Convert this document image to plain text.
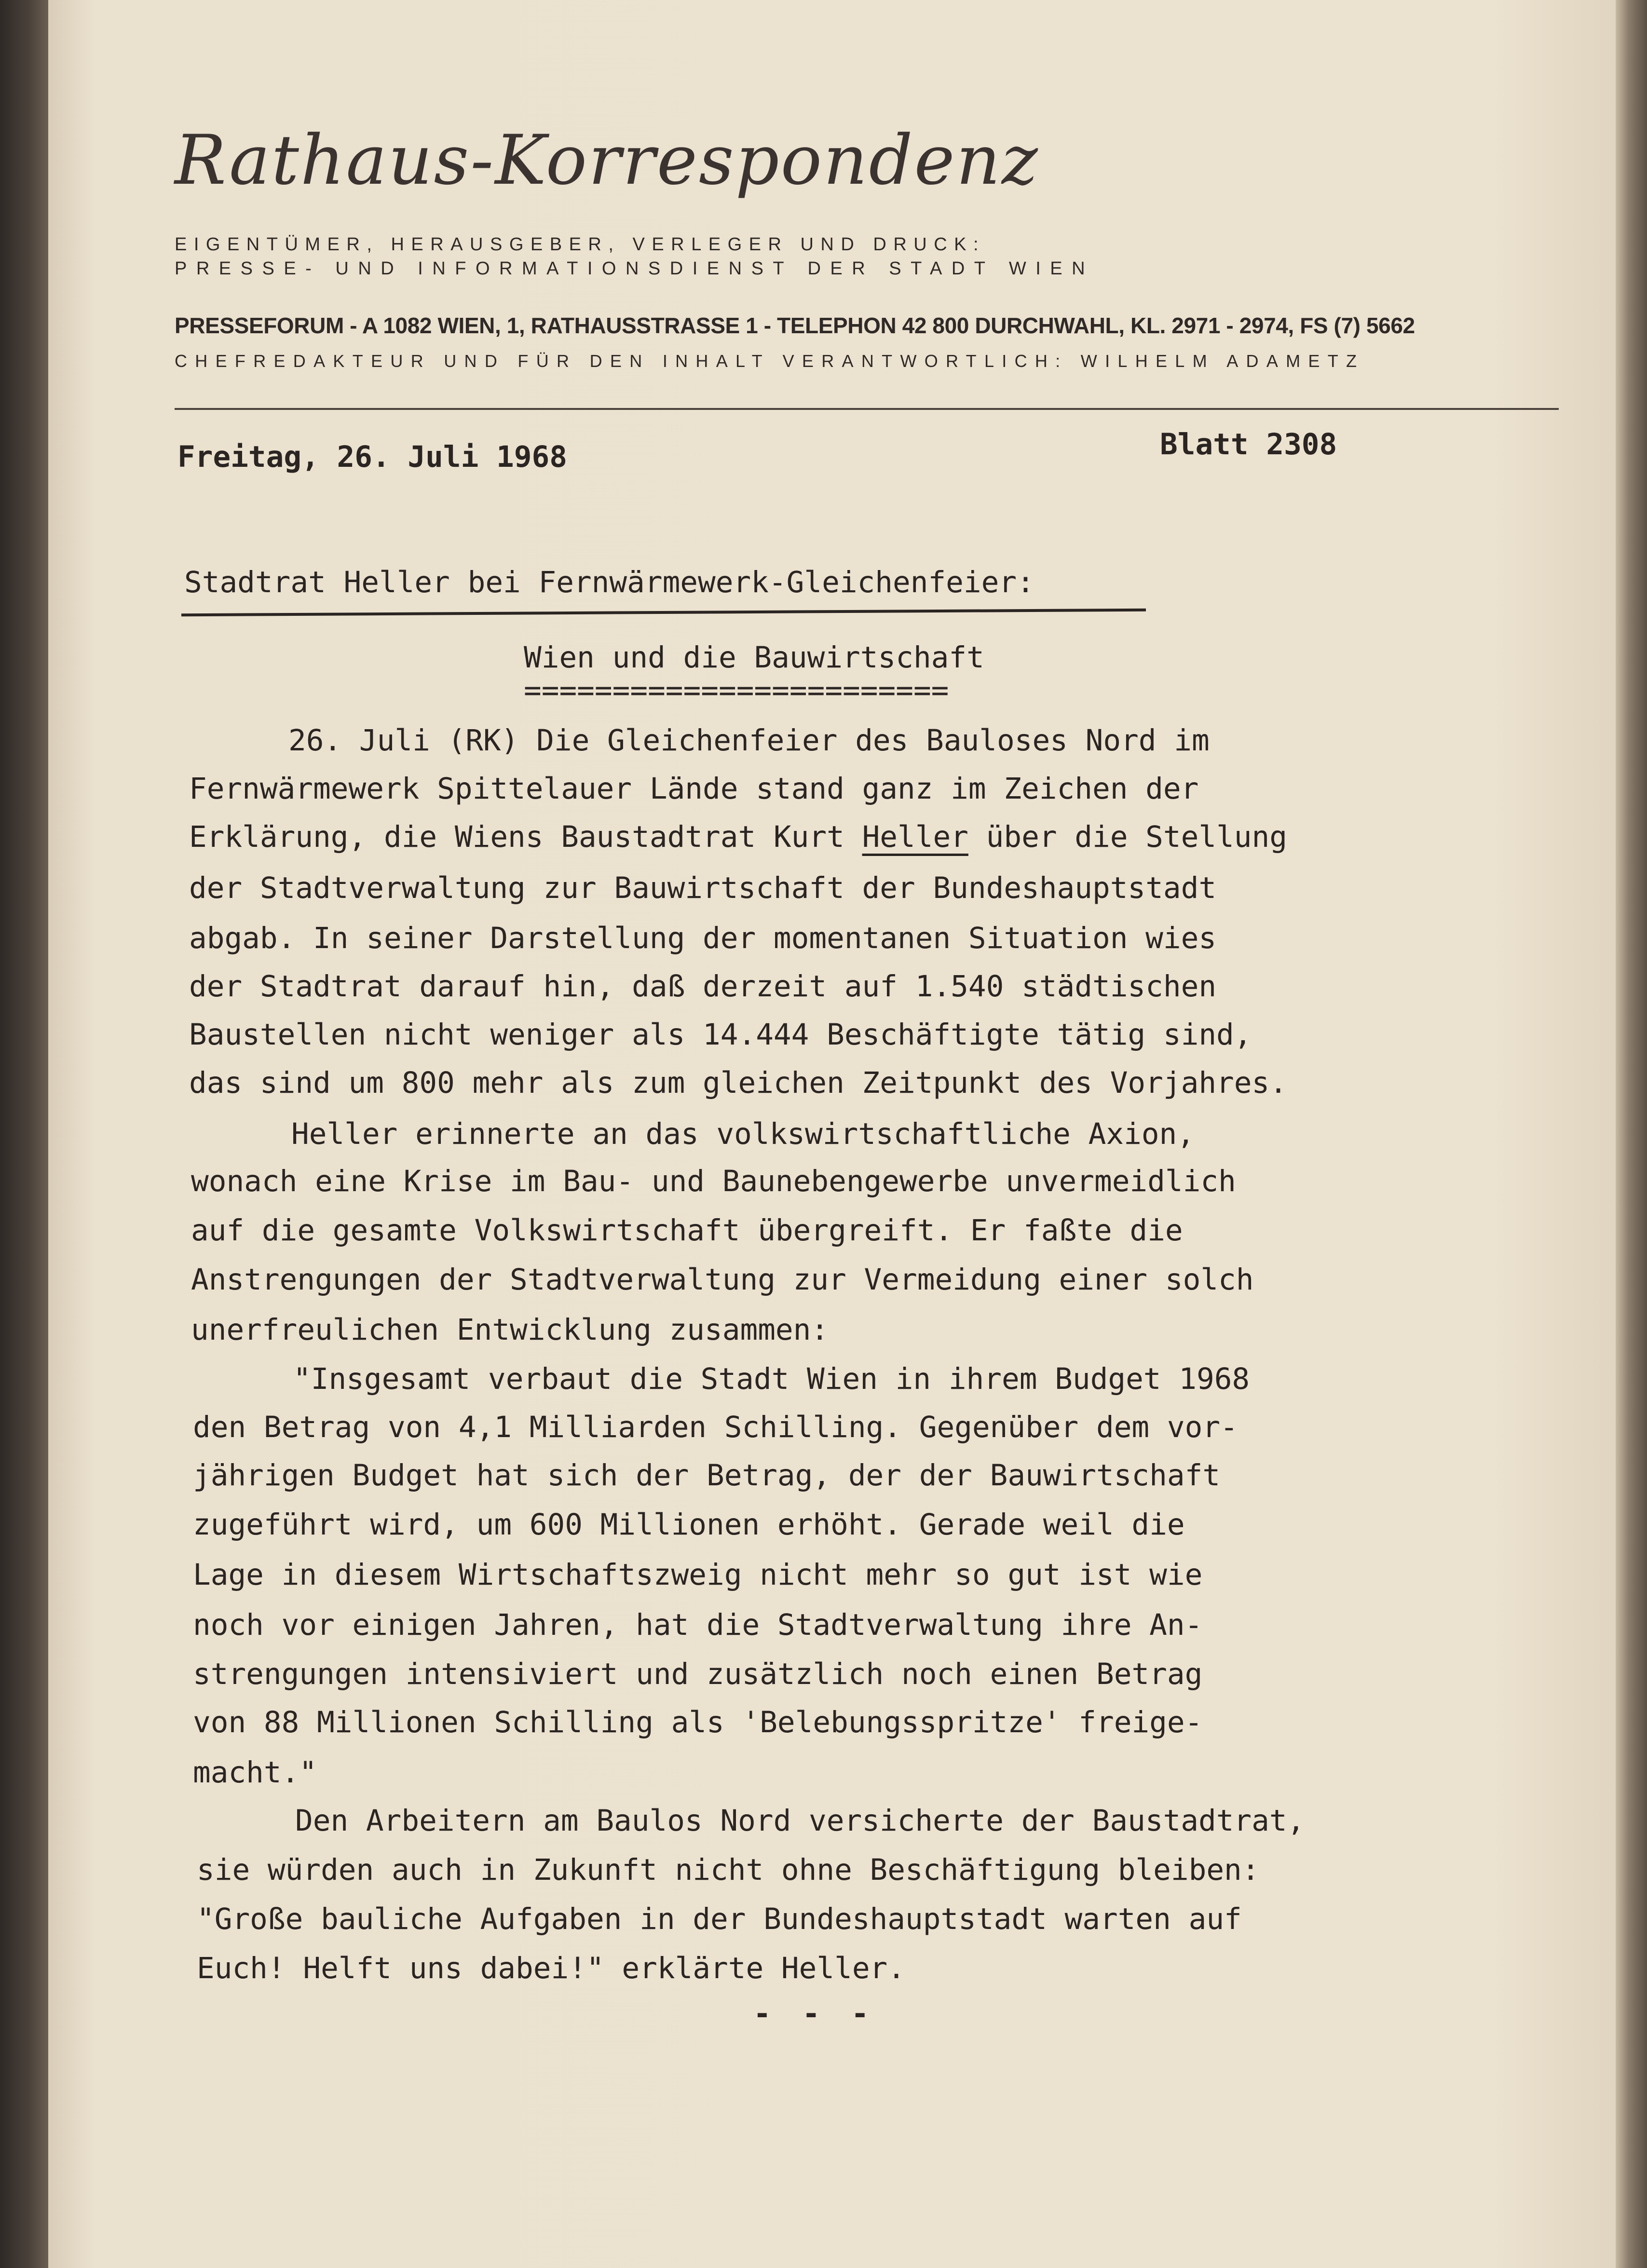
Rathaus-Korrespondenz
EIGENTÜMER, HERAUSGEBER, VERLEGER UND DRUCK:
PRESSE- UND INFORMATIONSDIENST DER STADT WIEN
PRESSEFORUM - A 1082 WIEN, 1, RATHAUSSTRASSE 1 - TELEPHON 42 800 DURCHWAHL, KL. 2971 - 2974, FS (7) 5662
CHEFREDAKTEUR UND FÜR DEN INHALT VERANTWORTLICH: WILHELM ADAMETZ
Freitag, 26. Juli 1968	Blatt 2308
Stadtrat Heller bei Fernwärmewerk-Gleichenfeier:
Wien und die Bauwirtschaft
========================
26. Juli (RK) Die Gleichenfeier des Bauloses Nord im
Fernwärmewerk Spittelauer Lände stand ganz im Zeichen der
Erklärung, die Wiens Baustadtrat Kurt Heller über die Stellung
der Stadtverwaltung zur Bauwirtschaft der Bundeshauptstadt
abgab. In seiner Darstellung der momentanen Situation wies
der Stadtrat darauf hin, daß derzeit auf 1.540 städtischen
Baustellen nicht weniger als 14.444 Beschäftigte tätig sind,
das sind um 800 mehr als zum gleichen Zeitpunkt des Vorjahres.
Heller erinnerte an das volkswirtschaftliche Axion,
wonach eine Krise im Bau- und Baunebengewerbe unvermeidlich
auf die gesamte Volkswirtschaft übergreift. Er faßte die
Anstrengungen der Stadtverwaltung zur Vermeidung einer solch
unerfreulichen Entwicklung zusammen:
"Insgesamt verbaut die Stadt Wien in ihrem Budget 1968
den Betrag von 4,1 Milliarden Schilling. Gegenüber dem vor-
jährigen Budget hat sich der Betrag, der der Bauwirtschaft
zugeführt wird, um 600 Millionen erhöht. Gerade weil die
Lage in diesem Wirtschaftszweig nicht mehr so gut ist wie
noch vor einigen Jahren, hat die Stadtverwaltung ihre An-
strengungen intensiviert und zusätzlich noch einen Betrag
von 88 Millionen Schilling als 'Belebungsspritze' freige-
macht."
Den Arbeitern am Baulos Nord versicherte der Baustadtrat,
sie würden auch in Zukunft nicht ohne Beschäftigung bleiben:
"Große bauliche Aufgaben in der Bundeshauptstadt warten auf
Euch! Helft uns dabei!" erklärte Heller.
- - -
